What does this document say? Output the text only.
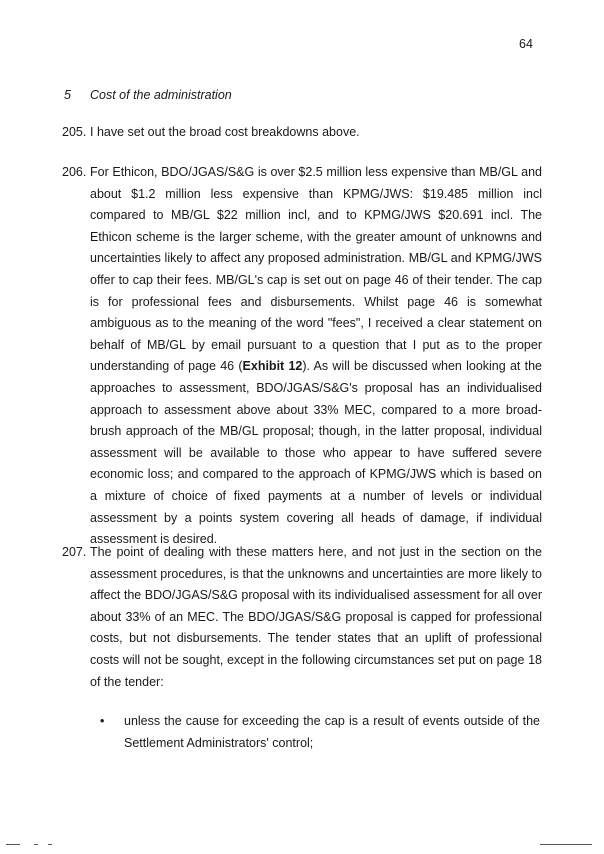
64
5 Cost of the administration
205. I have set out the broad cost breakdowns above.
206. For Ethicon, BDO/JGAS/S&G is over $2.5 million less expensive than MB/GL and about $1.2 million less expensive than KPMG/JWS: $19.485 million incl compared to MB/GL $22 million incl, and to KPMG/JWS $20.691 incl. The Ethicon scheme is the larger scheme, with the greater amount of unknowns and uncertainties likely to affect any proposed administration. MB/GL and KPMG/JWS offer to cap their fees. MB/GL's cap is set out on page 46 of their tender. The cap is for professional fees and disbursements. Whilst page 46 is somewhat ambiguous as to the meaning of the word "fees", I received a clear statement on behalf of MB/GL by email pursuant to a question that I put as to the proper understanding of page 46 (Exhibit 12). As will be discussed when looking at the approaches to assessment, BDO/JGAS/S&G's proposal has an individualised approach to assessment above about 33% MEC, compared to a more broad-brush approach of the MB/GL proposal; though, in the latter proposal, individual assessment will be available to those who appear to have suffered severe economic loss; and compared to the approach of KPMG/JWS which is based on a mixture of choice of fixed payments at a number of levels or individual assessment by a points system covering all heads of damage, if individual assessment is desired.
207. The point of dealing with these matters here, and not just in the section on the assessment procedures, is that the unknowns and uncertainties are more likely to affect the BDO/JGAS/S&G proposal with its individualised assessment for all over about 33% of an MEC. The BDO/JGAS/S&G proposal is capped for professional costs, but not disbursements. The tender states that an uplift of professional costs will not be sought, except in the following circumstances set put on page 18 of the tender:
•	unless the cause for exceeding the cap is a result of events outside of the Settlement Administrators' control;
